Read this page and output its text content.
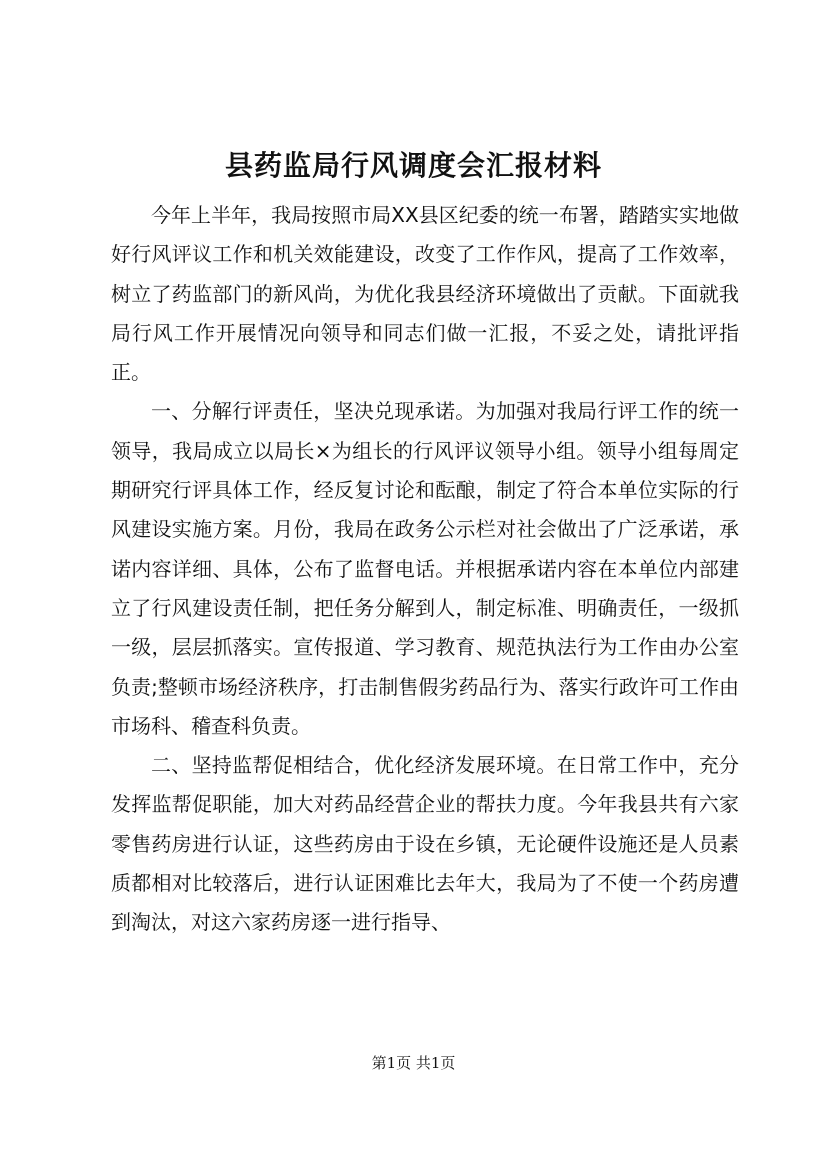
县药监局行风调度会汇报材料

今年上半年，我局按照市局XX县区纪委的统一布署，踏踏实实地做好行风评议工作和机关效能建设，改变了工作作风，提高了工作效率，树立了药监部门的新风尚，为优化我县经济环境做出了贡献。下面就我局行风工作开展情况向领导和同志们做一汇报，不妥之处，请批评指正。

一、分解行评责任，坚决兑现承诺。为加强对我局行评工作的统一领导，我局成立以局长×为组长的行风评议领导小组。领导小组每周定期研究行评具体工作，经反复讨论和酝酿，制定了符合本单位实际的行风建设实施方案。月份，我局在政务公示栏对社会做出了广泛承诺，承诺内容详细、具体，公布了监督电话。并根据承诺内容在本单位内部建立了行风建设责任制，把任务分解到人，制定标准、明确责任，一级抓一级，层层抓落实。宣传报道、学习教育、规范执法行为工作由办公室负责;整顿市场经济秩序，打击制售假劣药品行为、落实行政许可工作由市场科、稽查科负责。

二、坚持监帮促相结合，优化经济发展环境。在日常工作中，充分发挥监帮促职能，加大对药品经营企业的帮扶力度。今年我县共有六家零售药房进行认证，这些药房由于设在乡镇，无论硬件设施还是人员素质都相对比较落后，进行认证困难比去年大，我局为了不使一个药房遭到淘汰，对这六家药房逐一进行指导、

第1页 共1页
